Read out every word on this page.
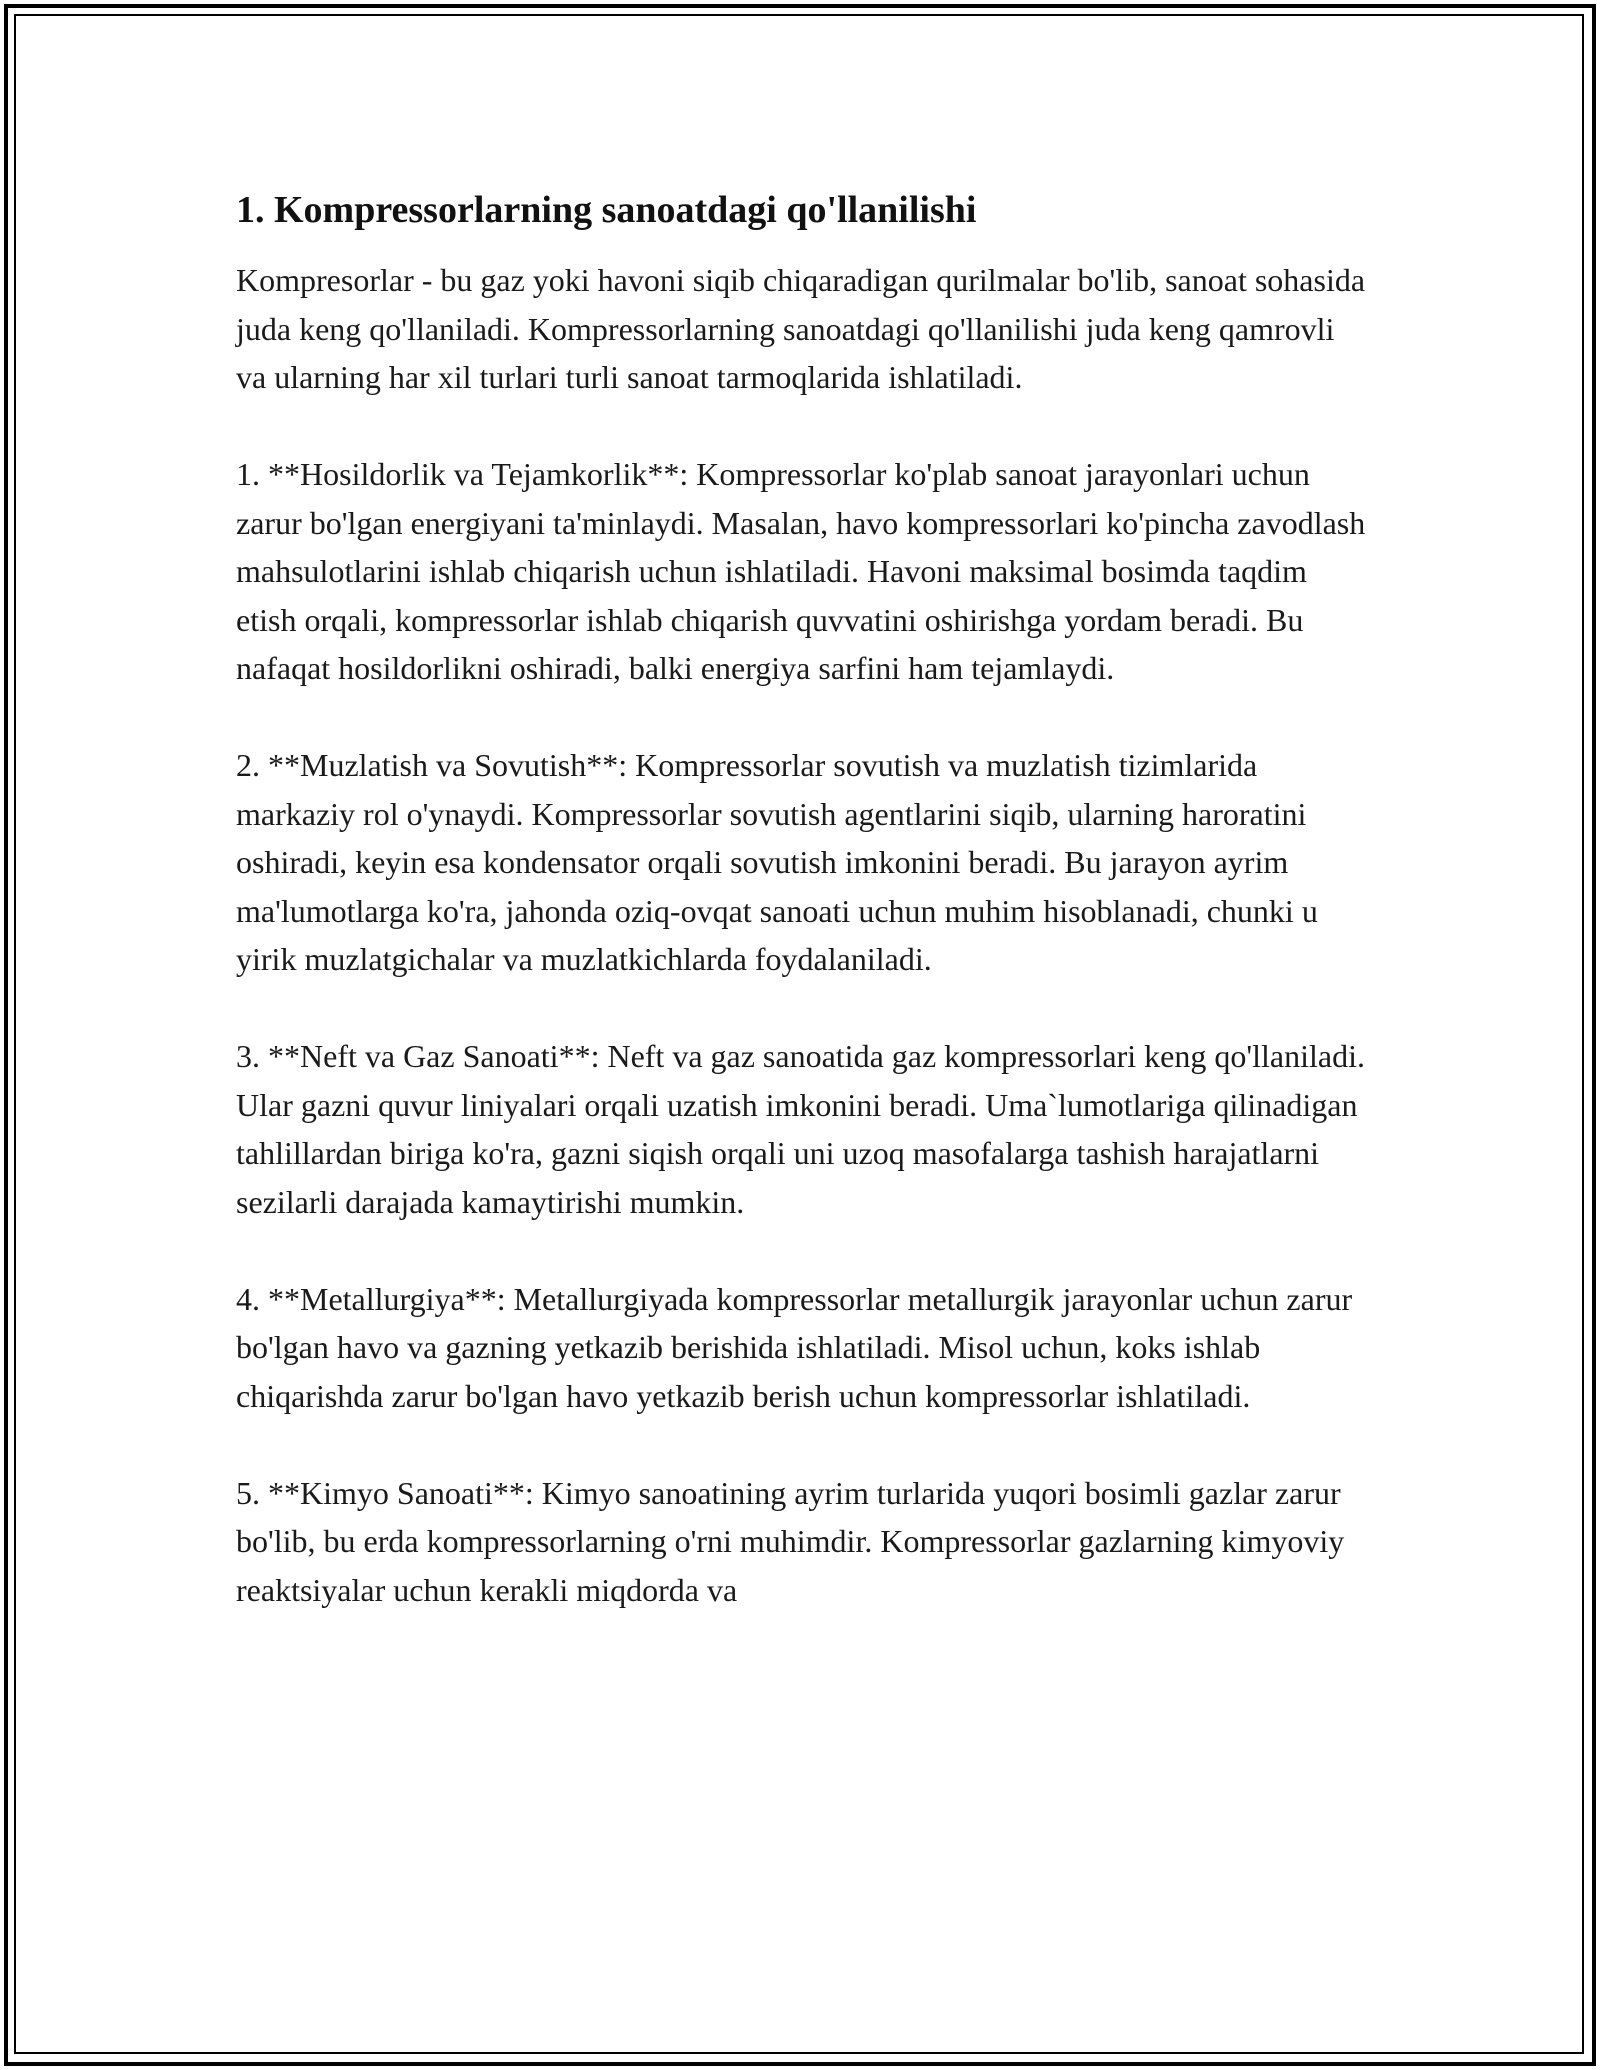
1. Kompressorlarning sanoatdagi qo'llanilishi

Kompresorlar - bu gaz yoki havoni siqib chiqaradigan qurilmalar bo'lib, sanoat sohasida juda keng qo'llaniladi. Kompressorlarning sanoatdagi qo'llanilishi juda keng qamrovli va ularning har xil turlari turli sanoat tarmoqlarida ishlatiladi.

1. **Hosildorlik va Tejamkorlik**: Kompressorlar ko'plab sanoat jarayonlari uchun zarur bo'lgan energiyani ta'minlaydi. Masalan, havo kompressorlari ko'pincha zavodlash mahsulotlarini ishlab chiqarish uchun ishlatiladi. Havoni maksimal bosimda taqdim etish orqali, kompressorlar ishlab chiqarish quvvatini oshirishga yordam beradi. Bu nafaqat hosildorlikni oshiradi, balki energiya sarfini ham tejamlaydi.

2. **Muzlatish va Sovutish**: Kompressorlar sovutish va muzlatish tizimlarida markaziy rol o'ynaydi. Kompressorlar sovutish agentlarini siqib, ularning haroratini oshiradi, keyin esa kondensator orqali sovutish imkonini beradi. Bu jarayon ayrim ma'lumotlarga ko'ra, jahonda oziq-ovqat sanoati uchun muhim hisoblanadi, chunki u yirik muzlatgichalar va muzlatkichlarda foydalaniladi.

3. **Neft va Gaz Sanoati**: Neft va gaz sanoatida gaz kompressorlari keng qo'llaniladi. Ular gazni quvur liniyalari orqali uzatish imkonini beradi. Uma`lumotlariga qilinadigan tahlillardan biriga ko'ra, gazni siqish orqali uni uzoq masofalarga tashish harajatlarni sezilarli darajada kamaytirishi mumkin.

4. **Metallurgiya**: Metallurgiyada kompressorlar metallurgik jarayonlar uchun zarur bo'lgan havo va gazning yetkazib berishida ishlatiladi. Misol uchun, koks ishlab chiqarishda zarur bo'lgan havo yetkazib berish uchun kompressorlar ishlatiladi.

5. **Kimyo Sanoati**: Kimyo sanoatining ayrim turlarida yuqori bosimli gazlar zarur bo'lib, bu erda kompressorlarning o'rni muhimdir. Kompressorlar gazlarning kimyoviy reaktsiyalar uchun kerakli miqdorda va
